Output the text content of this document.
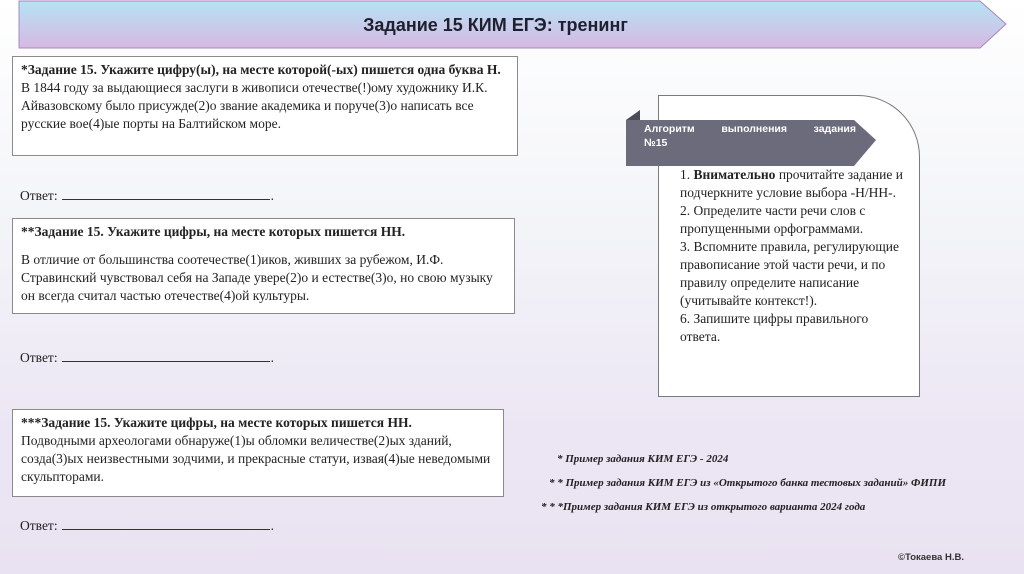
Задание 15 КИМ ЕГЭ: тренинг
*Задание 15. Укажите цифру(ы), на месте которой(-ых) пишется одна буква Н.
В 1844 году за выдающиеся заслуги в живописи отечестве(!)ому художнику И.К. Айвазовскому было присужде(2)о звание академика и поруче(3)о написать все русские вое(4)ые порты на Балтийском море.
Ответ:	.
**Задание 15. Укажите цифры, на месте которых пишется НН.
В отличие от большинства соотечестве(1)иков, живших за рубежом, И.Ф. Стравинский чувствовал себя на Западе увере(2)о и естестве(3)о, но свою музыку он всегда считал частью отечестве(4)ой культуры.
Ответ:	.
***Задание 15. Укажите цифры, на месте которых пишется НН.
Подводными археологами обнаруже(1)ы обломки величестве(2)ых зданий, созда(3)ых неизвестными зодчими, и прекрасные статуи, извая(4)ые неведомыми скульпторами.
Ответ:	.
Алгоритм	выполнения	задания
№15
1. Внимательно прочитайте задание и подчеркните условие выбора -Н/НН-.
2. Определите части речи слов с пропущенными орфограммами.
3. Вспомните правила, регулирующие правописание этой части речи, и по правилу определите написание (учитывайте контекст!).
6. Запишите цифры правильного ответа.
* Пример задания КИМ ЕГЭ - 2024
* * Пример задания КИМ ЕГЭ из «Открытого банка тестовых заданий» ФИПИ
* * *Пример задания КИМ ЕГЭ из открытого варианта 2024 года
©Токаева Н.В.
